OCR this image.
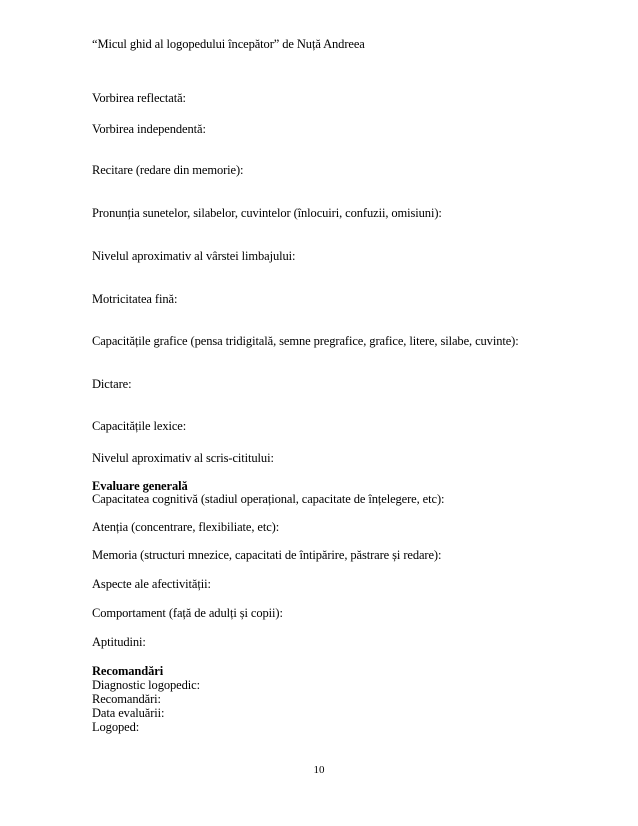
“Micul ghid al logopedului începător” de Nuță Andreea
Vorbirea reflectată:
Vorbirea independentă:
Recitare (redare din memorie):
Pronunția sunetelor, silabelor, cuvintelor (înlocuiri, confuzii, omisiuni):
Nivelul aproximativ al vârstei limbajului:
Motricitatea fină:
Capacitățile grafice (pensa tridigitală, semne pregrafice, grafice, litere, silabe, cuvinte):
Dictare:
Capacitățile lexice:
Nivelul aproximativ al scris-cititului:
Evaluare generală
Capacitatea cognitivă (stadiul operațional, capacitate de înțelegere, etc):
Atenția (concentrare, flexibiliate, etc):
Memoria (structuri mnezice, capacitati de întipărire, păstrare și redare):
Aspecte ale afectivității:
Comportament (față de adulți și copii):
Aptitudini:
Recomandări
Diagnostic logopedic:
Recomandări:
Data evaluării:
Logoped:
10
